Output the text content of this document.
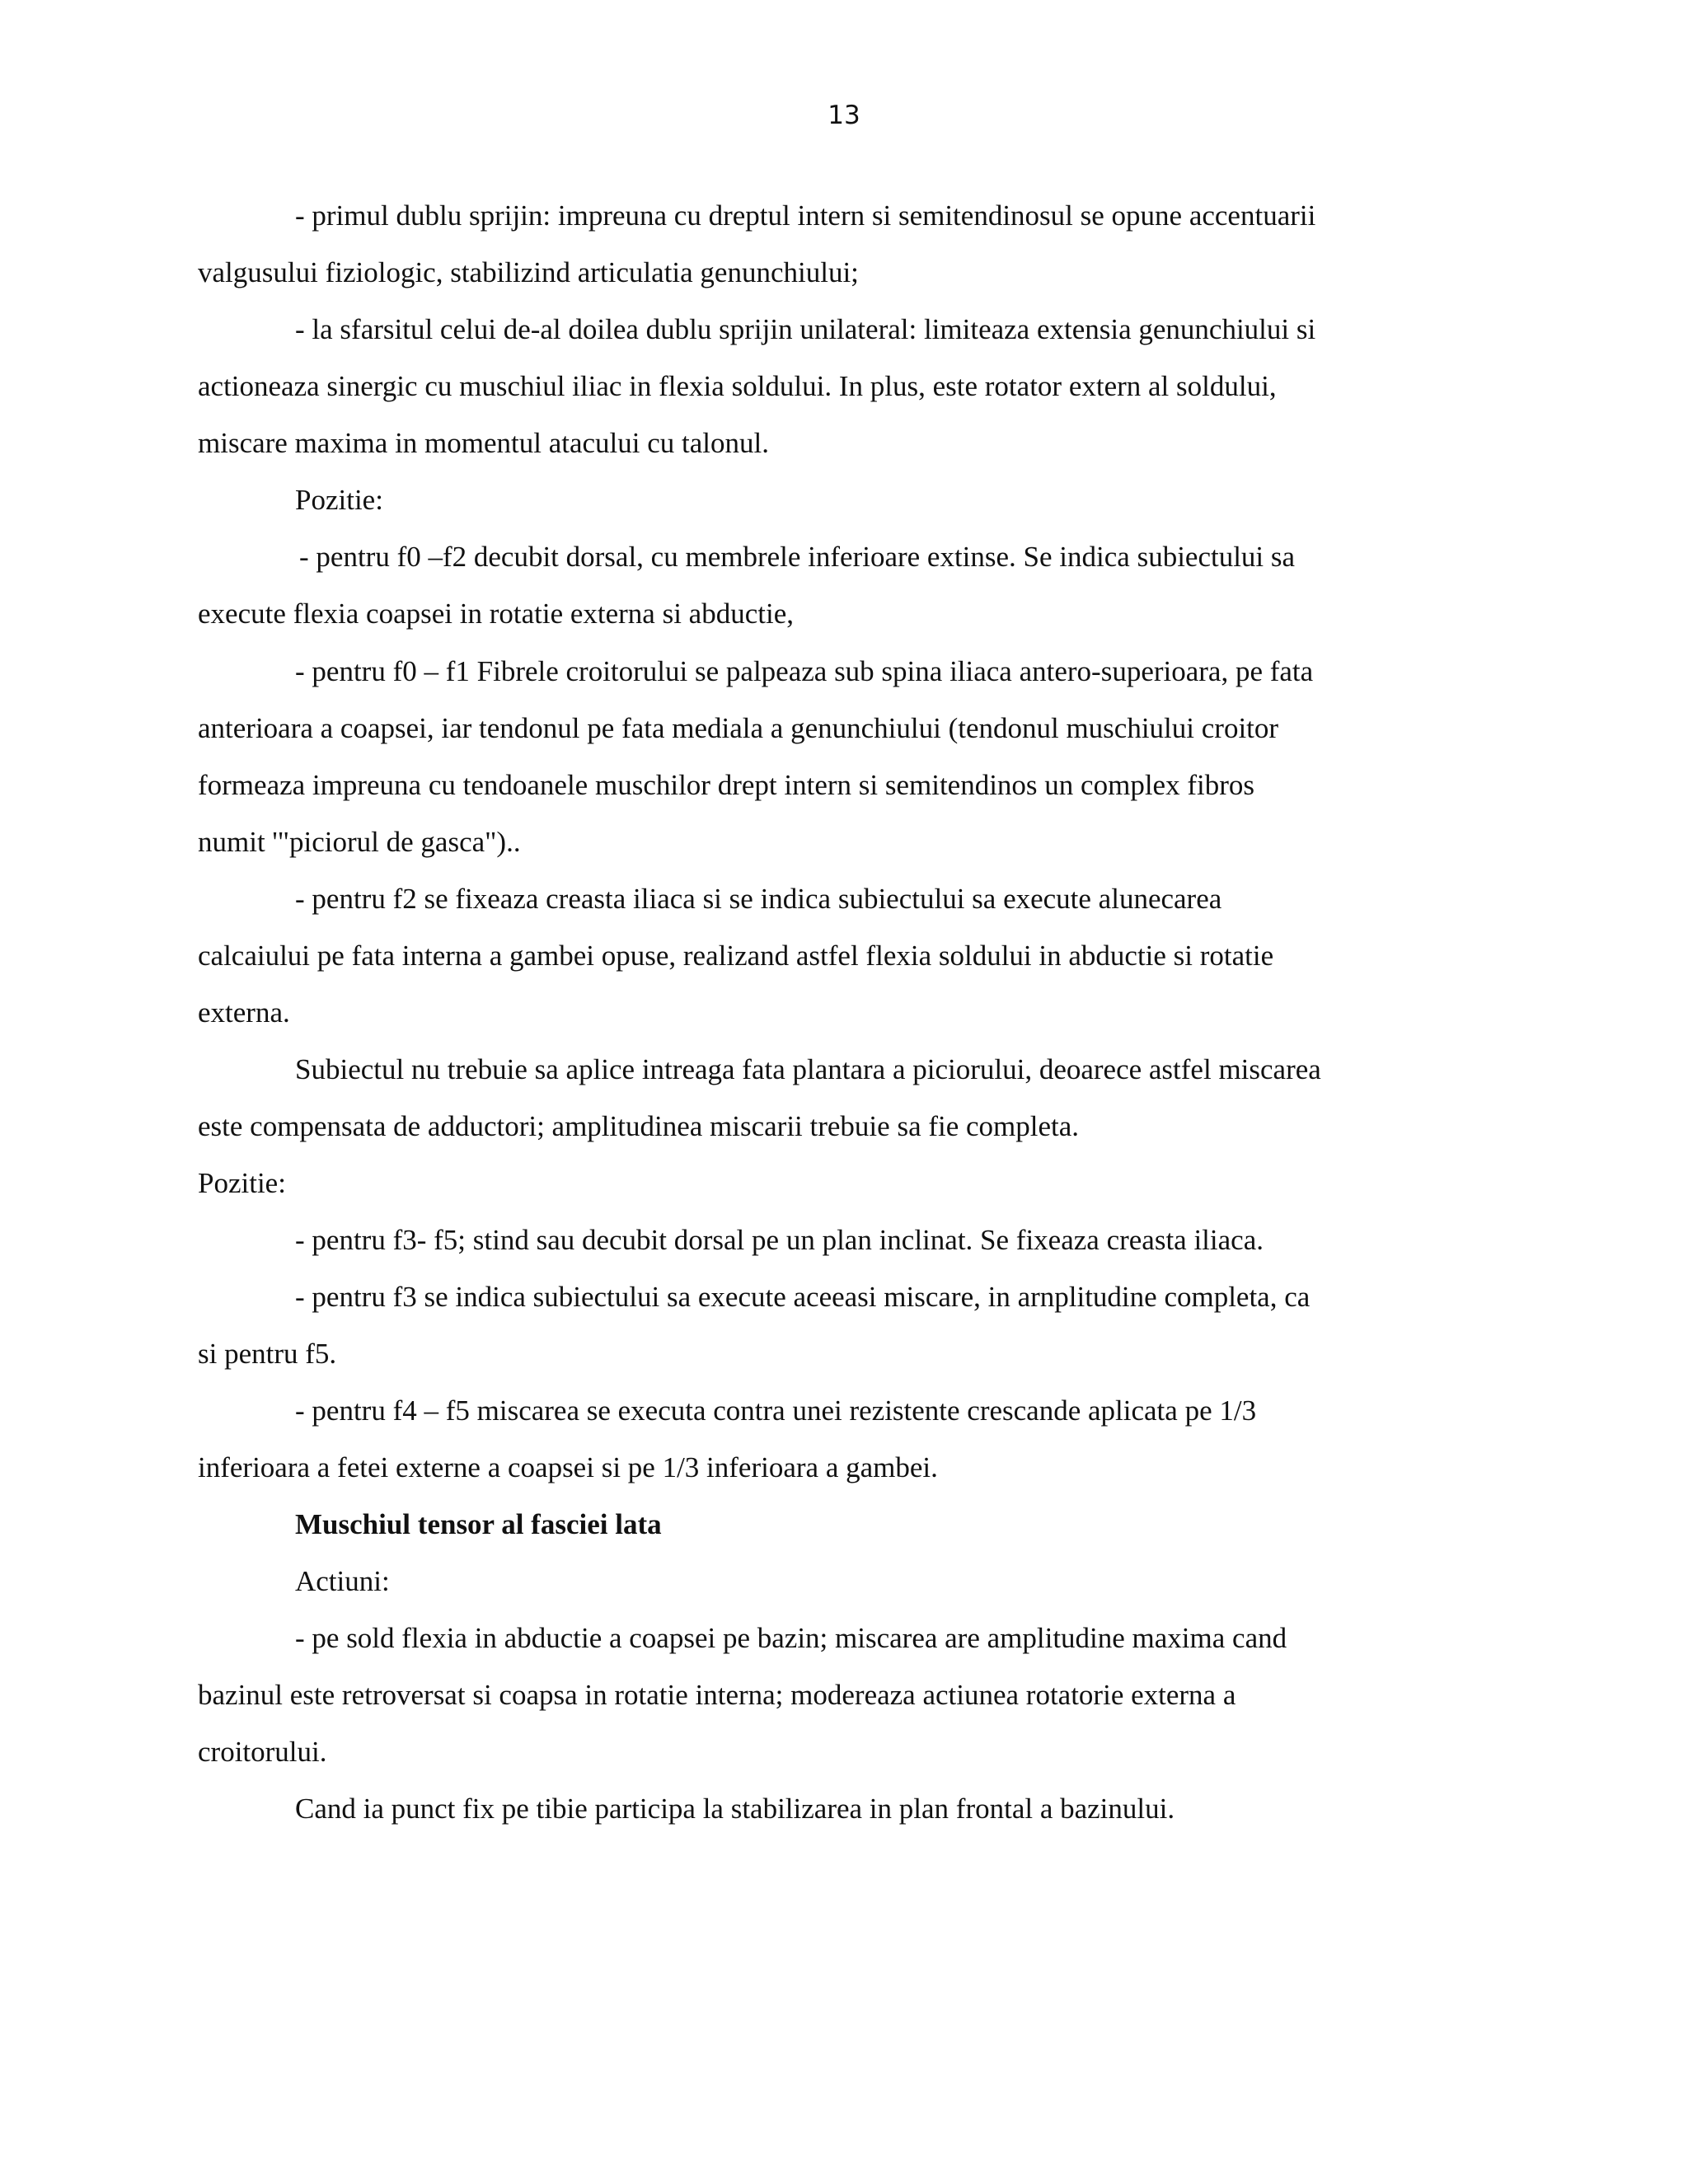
13
- primul dublu sprijin: impreuna cu dreptul intern si semitendinosul se opune accentuarii
valgusului fiziologic, stabilizind articulatia genunchiului;
- la sfarsitul celui de-al doilea dublu sprijin unilateral: limiteaza extensia genunchiului si
actioneaza sinergic cu muschiul iliac in flexia soldului. In plus, este rotator extern al soldului,
miscare maxima in momentul atacului cu talonul.
Pozitie:
- pentru f0 –f2 decubit dorsal, cu membrele inferioare extinse. Se indica subiectului sa
execute flexia coapsei in rotatie externa si abductie,
- pentru f0 – f1 Fibrele croitorului se palpeaza sub spina iliaca antero-superioara, pe fata
anterioara a coapsei, iar tendonul pe fata mediala a genunchiului (tendonul muschiului croitor
formeaza impreuna cu tendoanele muschilor drept intern si semitendinos un complex fibros
numit '"piciorul de gasca")..
- pentru f2 se fixeaza creasta iliaca si se indica subiectului sa execute alunecarea
calcaiului pe fata interna a gambei opuse, realizand astfel flexia soldului in abductie si rotatie
externa.
Subiectul nu trebuie sa aplice intreaga fata plantara a piciorului, deoarece astfel miscarea
este compensata de adductori; amplitudinea miscarii trebuie sa fie completa.
Pozitie:
- pentru f3- f5; stind sau decubit dorsal pe un plan inclinat. Se fixeaza creasta iliaca.
- pentru f3 se indica subiectului sa execute aceeasi miscare, in arnplitudine completa, ca
si pentru f5.
- pentru f4 – f5 miscarea se executa contra unei rezistente crescande aplicata pe 1/3
inferioara a fetei externe a coapsei si pe 1/3 inferioara a gambei.
Muschiul tensor al fasciei lata
Actiuni:
- pe sold flexia in abductie a coapsei pe bazin; miscarea are amplitudine maxima cand
bazinul este retroversat si coapsa in rotatie interna; modereaza actiunea rotatorie externa a
croitorului.
Cand ia punct fix pe tibie participa la stabilizarea in plan frontal a bazinului.
